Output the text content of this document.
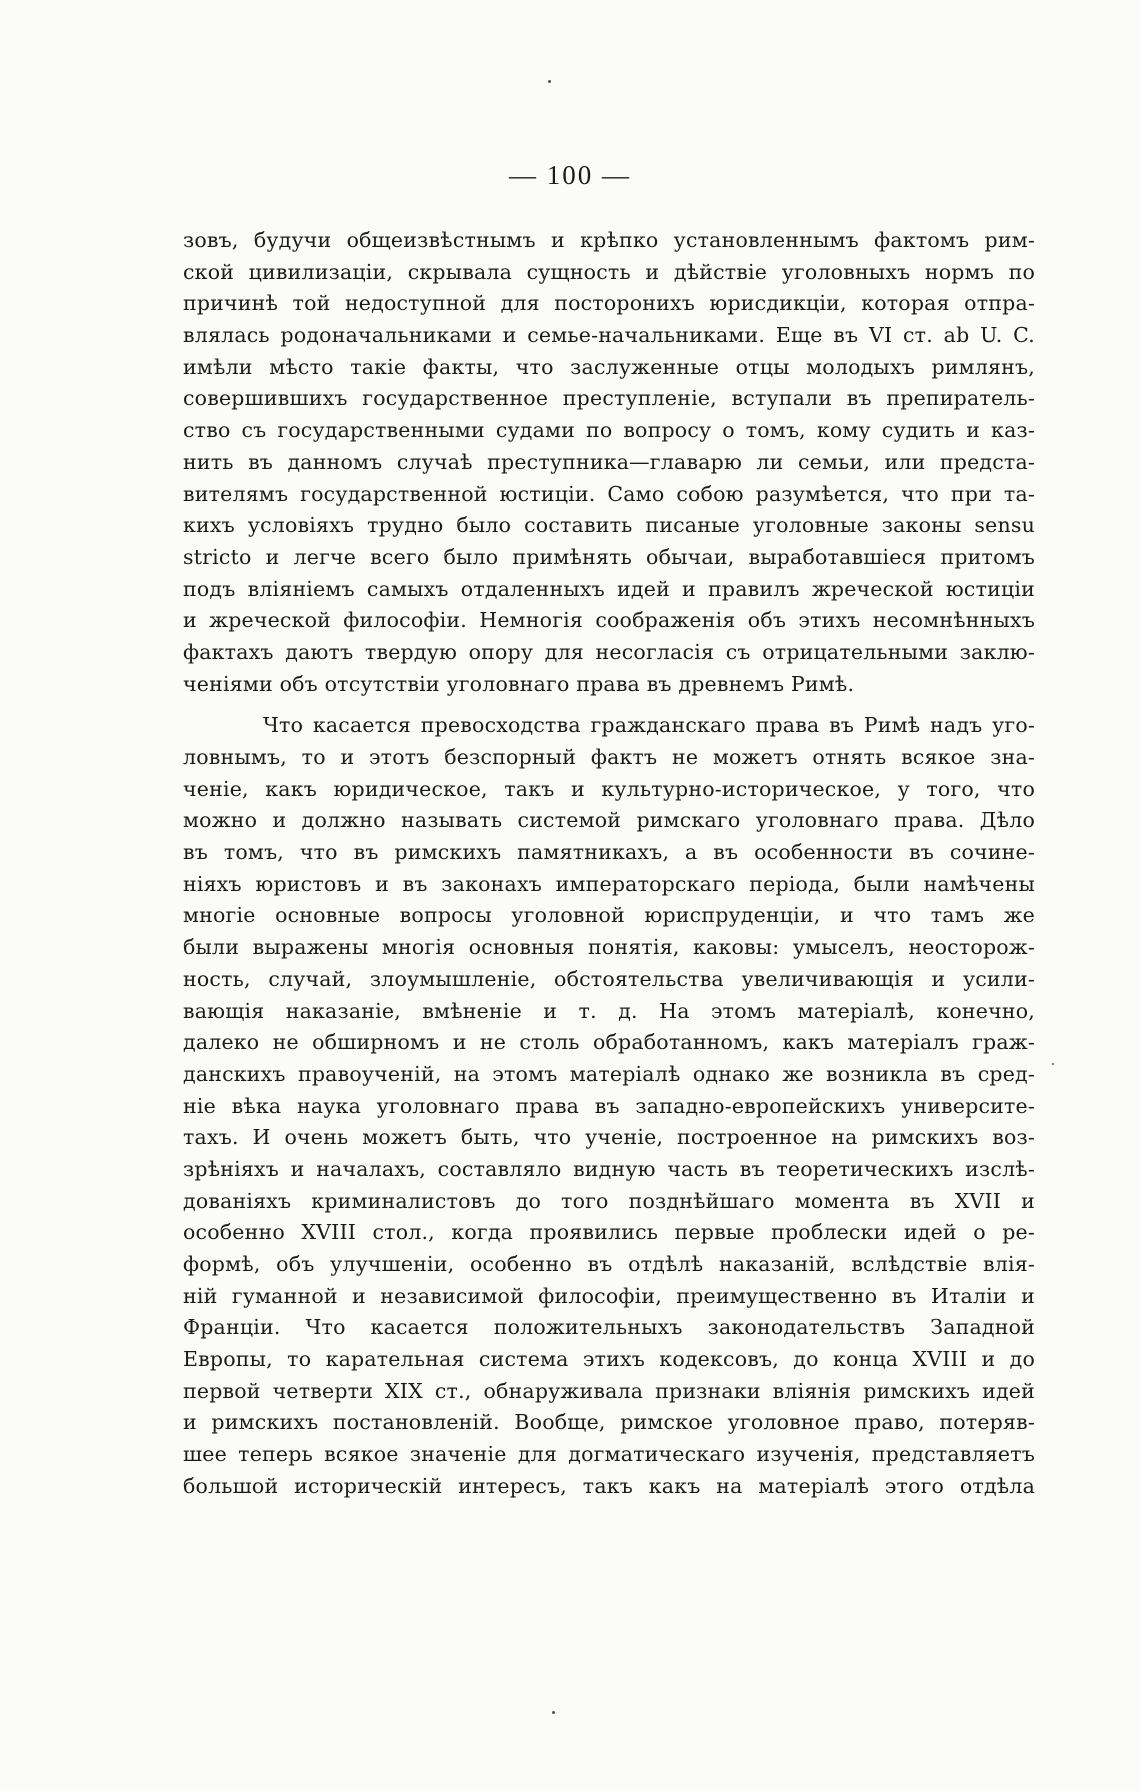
— 100 —
зовъ, будучи общеизвѣстнымъ и крѣпко установленнымъ фактомъ рим-
ской цивилизаціи, скрывала сущность и дѣйствіе уголовныхъ нормъ по
причинѣ той недоступной для посторонихъ юрисдикціи, которая отпра-
влялась родоначальниками и семье-начальниками. Еще въ VI ст. ab U. C.
имѣли мѣсто такіе факты, что заслуженные отцы молодыхъ римлянъ,
совершившихъ государственное преступленіе, вступали въ препиратель-
ство съ государственными судами по вопросу о томъ, кому судить и каз-
нить въ данномъ случаѣ преступника—главарю ли семьи, или предста-
вителямъ государственной юстиціи. Само собою разумѣется, что при та-
кихъ условіяхъ трудно было составить писаные уголовные законы sensu
stricto и легче всего было примѣнять обычаи, выработавшіеся притомъ
подъ вліяніемъ самыхъ отдаленныхъ идей и правилъ жреческой юстиціи
и жреческой философіи. Немногія соображенія объ этихъ несомнѣнныхъ
фактахъ даютъ твердую опору для несогласія съ отрицательными заклю-
ченіями объ отсутствіи уголовнаго права въ древнемъ Римѣ.
Что касается превосходства гражданскаго права въ Римѣ надъ уго-
ловнымъ, то и этотъ безспорный фактъ не можетъ отнять всякое зна-
ченіе, какъ юридическое, такъ и культурно-историческое, у того, что
можно и должно называть системой римскаго уголовнаго права. Дѣло
въ томъ, что въ римскихъ памятникахъ, а въ особенности въ сочине-
ніяхъ юристовъ и въ законахъ императорскаго періода, были намѣчены
многіе основные вопросы уголовной юриспруденціи, и что тамъ же
были выражены многія основныя понятія, каковы: умыселъ, неосторож-
ность, случай, злоумышленіе, обстоятельства увеличивающія и усили-
вающія наказаніе, вмѣненіе и т. д. На этомъ матеріалѣ, конечно,
далеко не обширномъ и не столь обработанномъ, какъ матеріалъ граж-
данскихъ правоученій, на этомъ матеріалѣ однако же возникла въ сред-
ніе вѣка наука уголовнаго права въ западно-европейскихъ университе-
тахъ. И очень можетъ быть, что ученіе, построенное на римскихъ воз-
зрѣніяхъ и началахъ, составляло видную часть въ теоретическихъ изслѣ-
дованіяхъ криминалистовъ до того позднѣйшаго момента въ XVII и
особенно XVIII стол., когда проявились первые проблески идей о ре-
формѣ, объ улучшеніи, особенно въ отдѣлѣ наказаній, вслѣдствіе влія-
ній гуманной и независимой философіи, преимущественно въ Италіи и
Франціи. Что касается положительныхъ законодательствъ Западной
Европы, то карательная система этихъ кодексовъ, до конца XVIII и до
первой четверти XIX ст., обнаруживала признаки вліянія римскихъ идей
и римскихъ постановленій. Вообще, римское уголовное право, потеряв-
шее теперь всякое значеніе для догматическаго изученія, представляетъ
большой историческій интересъ, такъ какъ на матеріалѣ этого отдѣла
